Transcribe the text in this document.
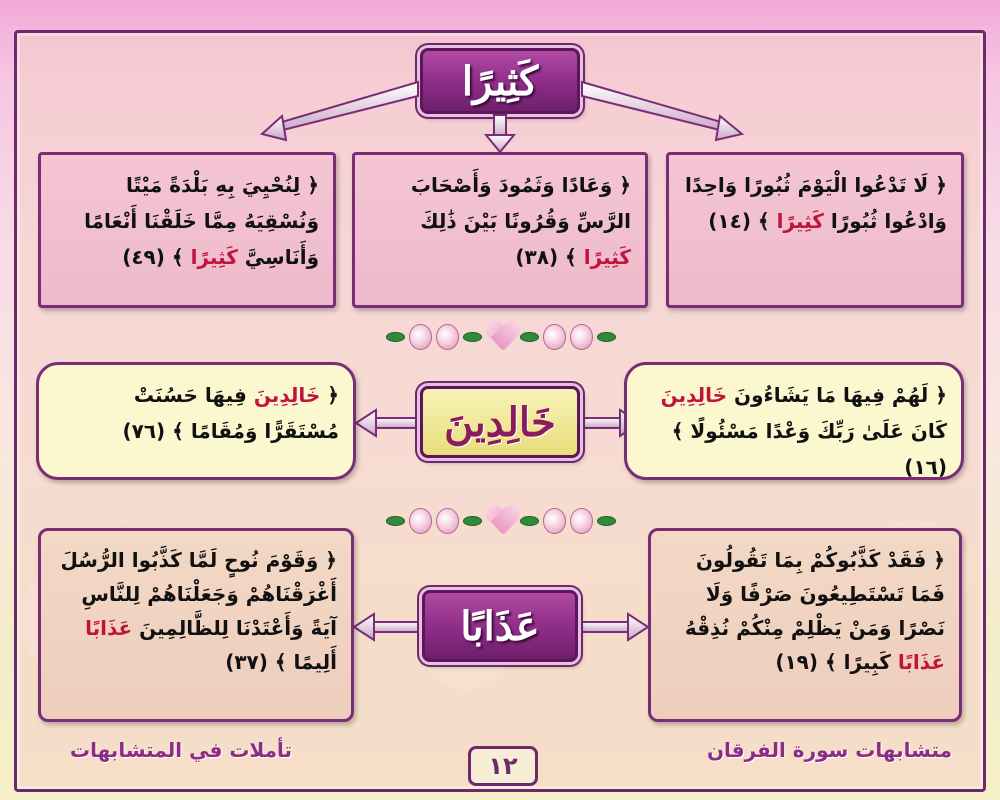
كَثِيرًا
﴿ لَا تَدْعُوا الْيَوْمَ ثُبُورًا وَاحِدًا وَادْعُوا ثُبُورًا كَثِيرًا ﴾ (١٤)
﴿ وَعَادًا وَثَمُودَ وَأَصْحَابَ الرَّسِّ وَقُرُونًا بَيْنَ ذَٰلِكَ كَثِيرًا ﴾ (٣٨)
﴿ لِنُحْيِيَ بِهِ بَلْدَةً مَيْتًا وَنُسْقِيَهُ مِمَّا خَلَقْنَا أَنْعَامًا وَأَنَاسِيَّ كَثِيرًا ﴾ (٤٩)
خَالِدِينَ
﴿ لَهُمْ فِيهَا مَا يَشَاءُونَ خَالِدِينَ كَانَ عَلَىٰ رَبِّكَ وَعْدًا مَسْئُولًا ﴾ (١٦)
﴿ خَالِدِينَ فِيهَا حَسُنَتْ مُسْتَقَرًّا وَمُقَامًا ﴾ (٧٦)
عَذَابًا
﴿ فَقَدْ كَذَّبُوكُمْ بِمَا تَقُولُونَ فَمَا تَسْتَطِيعُونَ صَرْفًا وَلَا نَصْرًا وَمَنْ يَظْلِمْ مِنْكُمْ نُذِقْهُ عَذَابًا كَبِيرًا ﴾ (١٩)
﴿ وَقَوْمَ نُوحٍ لَمَّا كَذَّبُوا الرُّسُلَ أَغْرَقْنَاهُمْ وَجَعَلْنَاهُمْ لِلنَّاسِ آيَةً وَأَعْتَدْنَا لِلظَّالِمِينَ عَذَابًا أَلِيمًا ﴾ (٣٧)
متشابهات سورة الفرقان
تأملات في المتشابهات
١٢
